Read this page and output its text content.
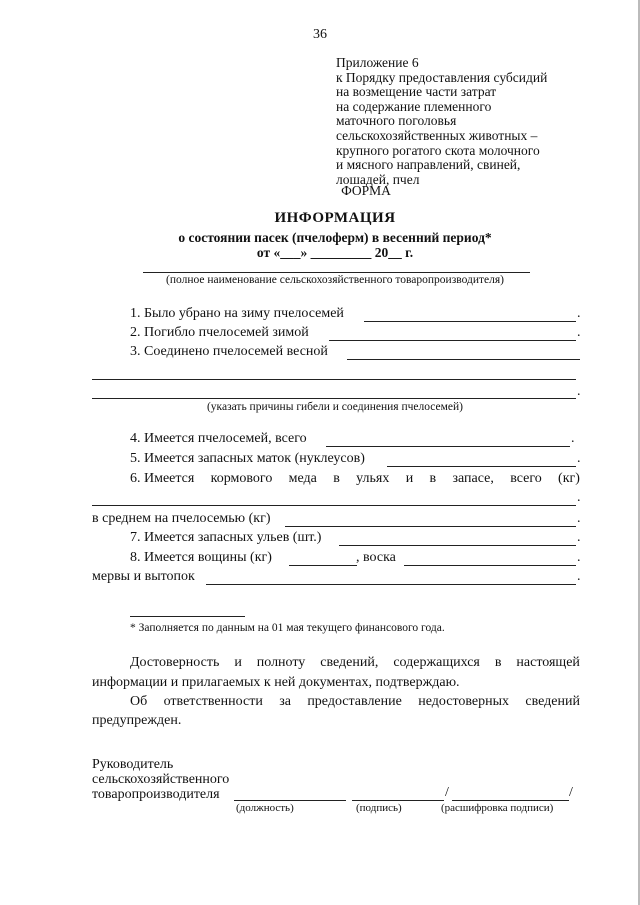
36
Приложение 6
к Порядку предоставления субсидий
на возмещение части затрат
на содержание племенного
маточного поголовья
сельскохозяйственных животных –
крупного рогатого скота молочного
и мясного направлений, свиней,
лошадей, пчел
ФОРМА
ИНФОРМАЦИЯ
о состоянии пасек (пчелоферм) в весенний период*
от «___» _________ 20__ г.
(полное наименование сельскохозяйственного товаропроизводителя)
1. Было убрано на зиму пчелосемей	.
2. Погибло пчелосемей зимой	.
3. Соединено пчелосемей весной
.
(указать причины гибели и соединения пчелосемей)
4. Имеется пчелосемей, всего	.
5. Имеется запасных маток (нуклеусов)	.
6. Имеется кормового меда в ульях и в запасе, всего (кг)
.
в среднем на пчелосемью (кг)	.
7. Имеется запасных ульев (шт.)	.
8. Имеется вощины (кг)	, воска	.
мервы и вытопок	.
* Заполняется по данным на 01 мая текущего финансового года.
Достоверность и полноту сведений, содержащихся в настоящей
информации и прилагаемых к ней документах, подтверждаю.
Об ответственности за предоставление недостоверных сведений
предупрежден.
Руководитель
сельскохозяйственного
товаропроизводителя	/	/
(должность)	(подпись)	(расшифровка подписи)
